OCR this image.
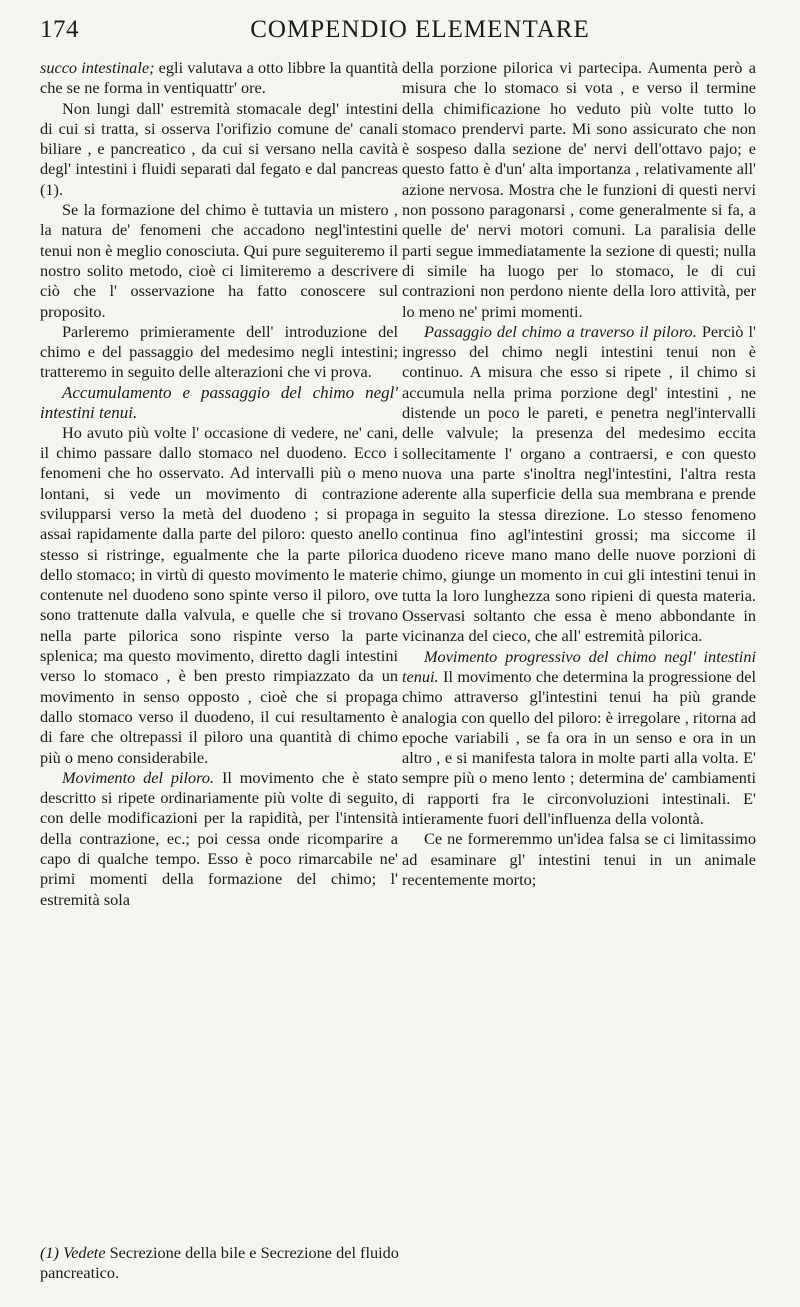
174	COMPENDIO ELEMENTARE

succo intestinale; egli valutava a otto libbre la quantità che se ne forma in ventiquattr' ore.

Non lungi dall' estremità stomacale degl' intestini di cui si tratta, si osserva l'orifizio comune de' canali biliare , e pancreatico , da cui si versano nella cavità degl' intestini i fluidi separati dal fegato e dal pancreas (1).

Se la formazione del chimo è tuttavia un mistero , la natura de' fenomeni che accadono negl'intestini tenui non è meglio conosciuta. Qui pure seguiteremo il nostro solito metodo, cioè ci limiteremo a descrivere ciò che l' osservazione ha fatto conoscere sul proposito.

Parleremo primieramente dell' introduzione del chimo e del passaggio del medesimo negli intestini; tratteremo in seguito delle alterazioni che vi prova.

Accumulamento e passaggio del chimo negl' intestini tenui.

Ho avuto più volte l' occasione di vedere, ne' cani, il chimo passare dallo stomaco nel duodeno. Ecco i fenomeni che ho osservato. Ad intervalli più o meno lontani, si vede un movimento di contrazione svilupparsi verso la metà del duodeno ; si propaga assai rapidamente dalla parte del piloro: questo anello stesso si ristringe, egualmente che la parte pilorica dello stomaco; in virtù di questo movimento le materie contenute nel duodeno sono spinte verso il piloro, ove sono trattenute dalla valvula, e quelle che si trovano nella parte pilorica sono rispinte verso la parte splenica; ma questo movimento, diretto dagli intestini verso lo stomaco , è ben presto rimpiazzato da un movimento in senso opposto , cioè che si propaga dallo stomaco verso il duodeno, il cui resultamento è di fare che oltrepassi il piloro una quantità di chimo più o meno considerabile.

Movimento del piloro. Il movimento che è stato descritto si ripete ordinariamente più volte di seguito, con delle modificazioni per la rapidità, per l'intensità della contrazione, ec.; poi cessa onde ricomparire a capo di qualche tempo. Esso è poco rimarcabile ne' primi momenti della formazione del chimo; l' estremità sola

della porzione pilorica vi partecipa. Aumenta però a misura che lo stomaco si vota , e verso il termine della chimificazione ho veduto più volte tutto lo stomaco prendervi parte. Mi sono assicurato che non è sospeso dalla sezione de' nervi dell'ottavo pajo; e questo fatto è d'un' alta importanza , relativamente all' azione nervosa. Mostra che le funzioni di questi nervi non possono paragonarsi , come generalmente si fa, a quelle de' nervi motori comuni. La paralisia delle parti segue immediatamente la sezione di questi; nulla di simile ha luogo per lo stomaco, le di cui contrazioni non perdono niente della loro attività, per lo meno ne' primi momenti.

Passaggio del chimo a traverso il piloro. Perciò l' ingresso del chimo negli intestini tenui non è continuo. A misura che esso si ripete , il chimo si accumula nella prima porzione degl' intestini , ne distende un poco le pareti, e penetra negl'intervalli delle valvule; la presenza del medesimo eccita sollecitamente l' organo a contraersi, e con questo nuova una parte s'inoltra negl'intestini, l'altra resta aderente alla superficie della sua membrana e prende in seguito la stessa direzione. Lo stesso fenomeno continua fino agl'intestini grossi; ma siccome il duodeno riceve mano mano delle nuove porzioni di chimo, giunge un momento in cui gli intestini tenui in tutta la loro lunghezza sono ripieni di questa materia. Osservasi soltanto che essa è meno abbondante in vicinanza del cieco, che all' estremità pilorica.

Movimento progressivo del chimo negl' intestini tenui. Il movimento che determina la progressione del chimo attraverso gl'intestini tenui ha più grande analogia con quello del piloro: è irregolare , ritorna ad epoche variabili , se fa ora in un senso e ora in un altro , e si manifesta talora in molte parti alla volta. E' sempre più o meno lento ; determina de' cambiamenti di rapporti fra le circonvoluzioni intestinali. E' intieramente fuori dell'influenza della volontà.

Ce ne formeremmo un'idea falsa se ci limitassimo ad esaminare gl' intestini tenui in un animale recentemente morto;

(1) Vedete Secrezione della bile e Secrezione del fluido pancreatico.
